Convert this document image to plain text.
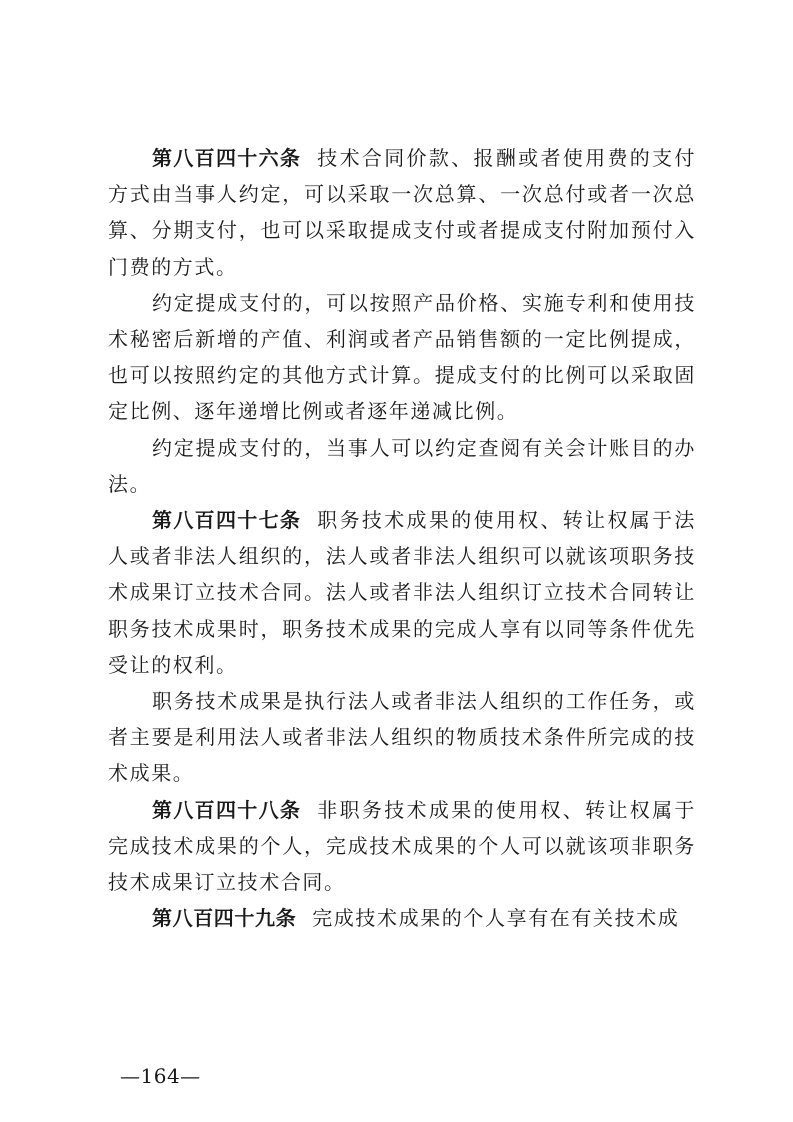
第八百四十六条 技术合同价款、报酬或者使用费的支付方式由当事人约定，可以采取一次总算、一次总付或者一次总算、分期支付，也可以采取提成支付或者提成支付附加预付入门费的方式。

约定提成支付的，可以按照产品价格、实施专利和使用技术秘密后新增的产值、利润或者产品销售额的一定比例提成，也可以按照约定的其他方式计算。提成支付的比例可以采取固定比例、逐年递增比例或者逐年递减比例。

约定提成支付的，当事人可以约定查阅有关会计账目的办法。

第八百四十七条 职务技术成果的使用权、转让权属于法人或者非法人组织的，法人或者非法人组织可以就该项职务技术成果订立技术合同。法人或者非法人组织订立技术合同转让职务技术成果时，职务技术成果的完成人享有以同等条件优先受让的权利。

职务技术成果是执行法人或者非法人组织的工作任务，或者主要是利用法人或者非法人组织的物质技术条件所完成的技术成果。

第八百四十八条 非职务技术成果的使用权、转让权属于完成技术成果的个人，完成技术成果的个人可以就该项非职务技术成果订立技术合同。

第八百四十九条 完成技术成果的个人享有在有关技术成

—164—
